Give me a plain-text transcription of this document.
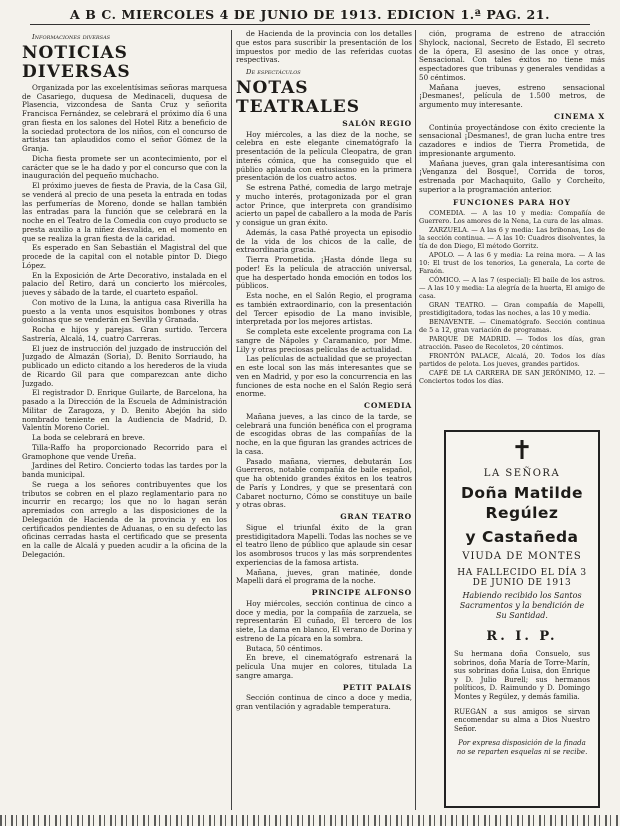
A B C. MIERCOLES 4 DE JUNIO DE 1913. EDICION 1.ª PAG. 21.
Informaciones diversas
NOTICIAS DIVERSAS

Organizada por las excelentísimas señoras marquesa de Casariego, duquesa de Medinaceli, duquesa de Plasencia, vizcondesa de Santa Cruz y señorita Francisca Fernández, se celebrará el próximo día 6 una gran fiesta en los salones del Hotel Ritz a beneficio de la sociedad protectora de los niños, con el concurso de artistas tan aplaudidos como el señor Gómez de la Granja.

Dicha fiesta promete ser un acontecimiento, por el carácter que se le ha dado y por el concurso que con la inauguración del pequeño muchacho.

El próximo jueves de fiesta de Pravia, de la Casa Gil, se venderá al precio de una peseta la entrada en todas las perfumerías de Moreno, donde se hallan también las entradas para la función que se celebrará en la noche en el Teatro de la Comedia con cuyo producto se presta auxilio a la niñez desvalida, en el momento en que se realiza la gran fiesta de la caridad.

Es esperado en San Sebastián el Magistral del que procede de la capital con el notable pintor D. Diego López.

En la Exposición de Arte Decorativo, instalada en el palacio del Retiro, dará un concierto los miércoles, jueves y sábado de la tarde, el cuarteto español.

Con motivo de la Luna, la antigua casa Riverilla ha puesto a la venta unos esquisitos bombones y otras golosinas que se venderán en Sevilla y Granada.

Rocha e hijos y parejas. Gran surtido. Tercera Sastrería, Alcalá, 14, cuatro Carreras.

El juez de instrucción del juzgado de instrucción del Juzgado de Almazán (Soria), D. Benito Sorriaudo, ha publicado un edicto citando a los herederos de la viuda de Ricardo Gil para que comparezcan ante dicho Juzgado.

El registrador D. Enrique Guilarte, de Barcelona, ha pasado a la Dirección de la Escuela de Administración Militar de Zaragoza, y D. Benito Abejón ha sido nombrado teniente en la Audiencia de Madrid, D. Valentín Moreno Coriel.

La boda se celebrará en breve.

Tilla-Raffo ha proporcionado Recorrido para el Gramophone que vende Ureña.

Jardines del Retiro. Concierto todas las tardes por la banda municipal.

Se ruega a los señores contribuyentes que los tributos se cobren en el plazo reglamentario para no incurrir en recargo; los que no lo hagan serán apremiados con arreglo a las disposiciones de la Delegación de Hacienda de la provincia y en los certificados pendientes de Aduanas, o en su defecto las oficinas cerradas hasta el certificado que se presenta en la calle de Alcalá y pueden acudir a la oficina de la Delegación.

de Hacienda de la provincia con los detalles que estos para suscribir la presentación de los impuestos por medio de las referidas cuotas respectivas.

De espectáculos
NOTAS TEATRALES
SALÓN REGIO

Hoy miércoles, a las diez de la noche, se celebra en este elegante cinematógrafo la presentación de la película Cleopatra, de gran interés cómica, que ha conseguido que el público aplauda con entusiasmo en la primera presentación de los cuatro actos.

Se estrena Pathé, comedia de largo metraje y mucho interés, protagonizada por el gran actor Prince, que interpreta con grandísimo acierto un papel de caballero a la moda de París y consigue un gran éxito.

Además, la casa Pathé proyecta un episodio de la vida de los chicos de la calle, de extraordinaria gracia.

Tierra Prometida. ¡Hasta dónde llega su poder! Es la película de atracción universal, que ha despertado honda emoción en todos los públicos.

Esta noche, en el Salón Regio, el programa es también extraordinario, con la presentación del Tercer episodio de La mano invisible, interpretada por los mejores artistas.

Se completa este excelente programa con La sangre de Nápoles y Caramanico, por Mme. Lily y otras preciosas películas de actualidad.

Las películas de actualidad que se proyectan en este local son las más interesantes que se ven en Madrid, y por eso la concurrencia en las funciones de esta noche en el Salón Regio será enorme.

COMEDIA

Mañana jueves, a las cinco de la tarde, se celebrará una función benéfica con el programa de escogidas obras de las compañías de la noche, en la que figuran las grandes actrices de la casa.

Pasado mañana, viernes, debutarán Los Guerreros, notable compañía de baile español, que ha obtenido grandes éxitos en los teatros de París y Londres, y que se presentará con Cabaret nocturno, Cómo se constituye un baile y otras obras.

GRAN TEATRO

Sigue el triunfal éxito de la gran prestidigitadora Mapelli. Todas las noches se ve el teatro lleno de público que aplaude sin cesar los asombrosos trucos y las más sorprendentes experiencias de la famosa artista.

Mañana, jueves, gran matinée, donde Mapelli dará el programa de la noche.

PRINCIPE ALFONSO

Hoy miércoles, sección continua de cinco a doce y media, por la compañía de zarzuela, se representarán El cuñado, El tercero de los siete, La dama en blanco, El verano de Dorina y estreno de La pícara en la sombra.

Butaca, 50 céntimos.

En breve, el cinematógrafo estrenará la película Una mujer en colores, titulada La sangre amarga.

PETIT PALAIS

Sección continua de cinco a doce y media, gran ventilación y agradable temperatura.

ción, programa de estreno de atracción Shylock, nacional, Secreto de Estado, El secreto de la ópera, El asesino de las once y otras, Sensacional. Con tales éxitos no tiene más espectadores que tribunas y generales vendidas a 50 céntimos.

Mañana jueves, estreno sensacional ¡Desmanes!, película de 1.500 metros, de argumento muy interesante.

CINEMA X

Continúa proyectándose con éxito creciente la sensacional ¡Desmanes!, de gran lucha entre tres cazadores e indios de Tierra Prometida, de impresionante argumento.

Mañana jueves, gran gala interesantísima con ¡Venganza del Bosque!, Corrida de toros, estrenada por Machaquito, Gallo y Corcheíto, superior a la programación anterior.

FUNCIONES PARA HOY

COMEDIA. — A las 10 y media: Compañía de Guerrero. Los amores de la Nena, La cura de las almas.

ZARZUELA. — A las 6 y media: Las bribonas, Los de la sección continua. — A las 10: Cuadros disolventes, la tía de don Diego, El método Gorritz.

APOLO. — A las 6 y media: La reina mora. — A las 10: El trust de los tenorios, La generala, La corte de Faraón.

CÓMICO. — A las 7 (especial): El baile de los astros. — A las 10 y media: La alegría de la huerta, El amigo de casa.

GRAN TEATRO. — Gran compañía de Mapelli, prestidigitadora, todas las noches, a las 10 y media.

BENAVENTE. — Cinematógrafo. Sección continua de 5 a 12, gran variación de programas.

PARQUE DE MADRID. — Todos los días, gran atracción. Paseo de Recoletos, 20 céntimos.

FRONTÓN PALACE, Alcalá, 20. Todos los días partidos de pelota. Los jueves, grandes partidos.

CAFÉ DE LA CARRERA DE SAN JERÓNIMO, 12. — Conciertos todos los días.

✝
LA SEÑORA
Doña Matilde Regúlez
y Castañeda
VIUDA DE MONTES
HA FALLECIDO EL DÍA 3 DE JUNIO DE 1913
Habiendo recibido los Santos Sacramentos y la bendición de Su Santidad.
R. I. P.
Su hermana doña Consuelo, sus sobrinos, doña María de Torre-Marín, sus sobrinas doña Luisa, don Enrique y D. Julio Burell; sus hermanos políticos, D. Raimundo y D. Domingo Montes y Regúlez, y demás familia.
RUEGAN a sus amigos se sirvan encomendar su alma a Dios Nuestro Señor.
Por expresa disposición de la finada no se reparten esquelas ni se recibe.
